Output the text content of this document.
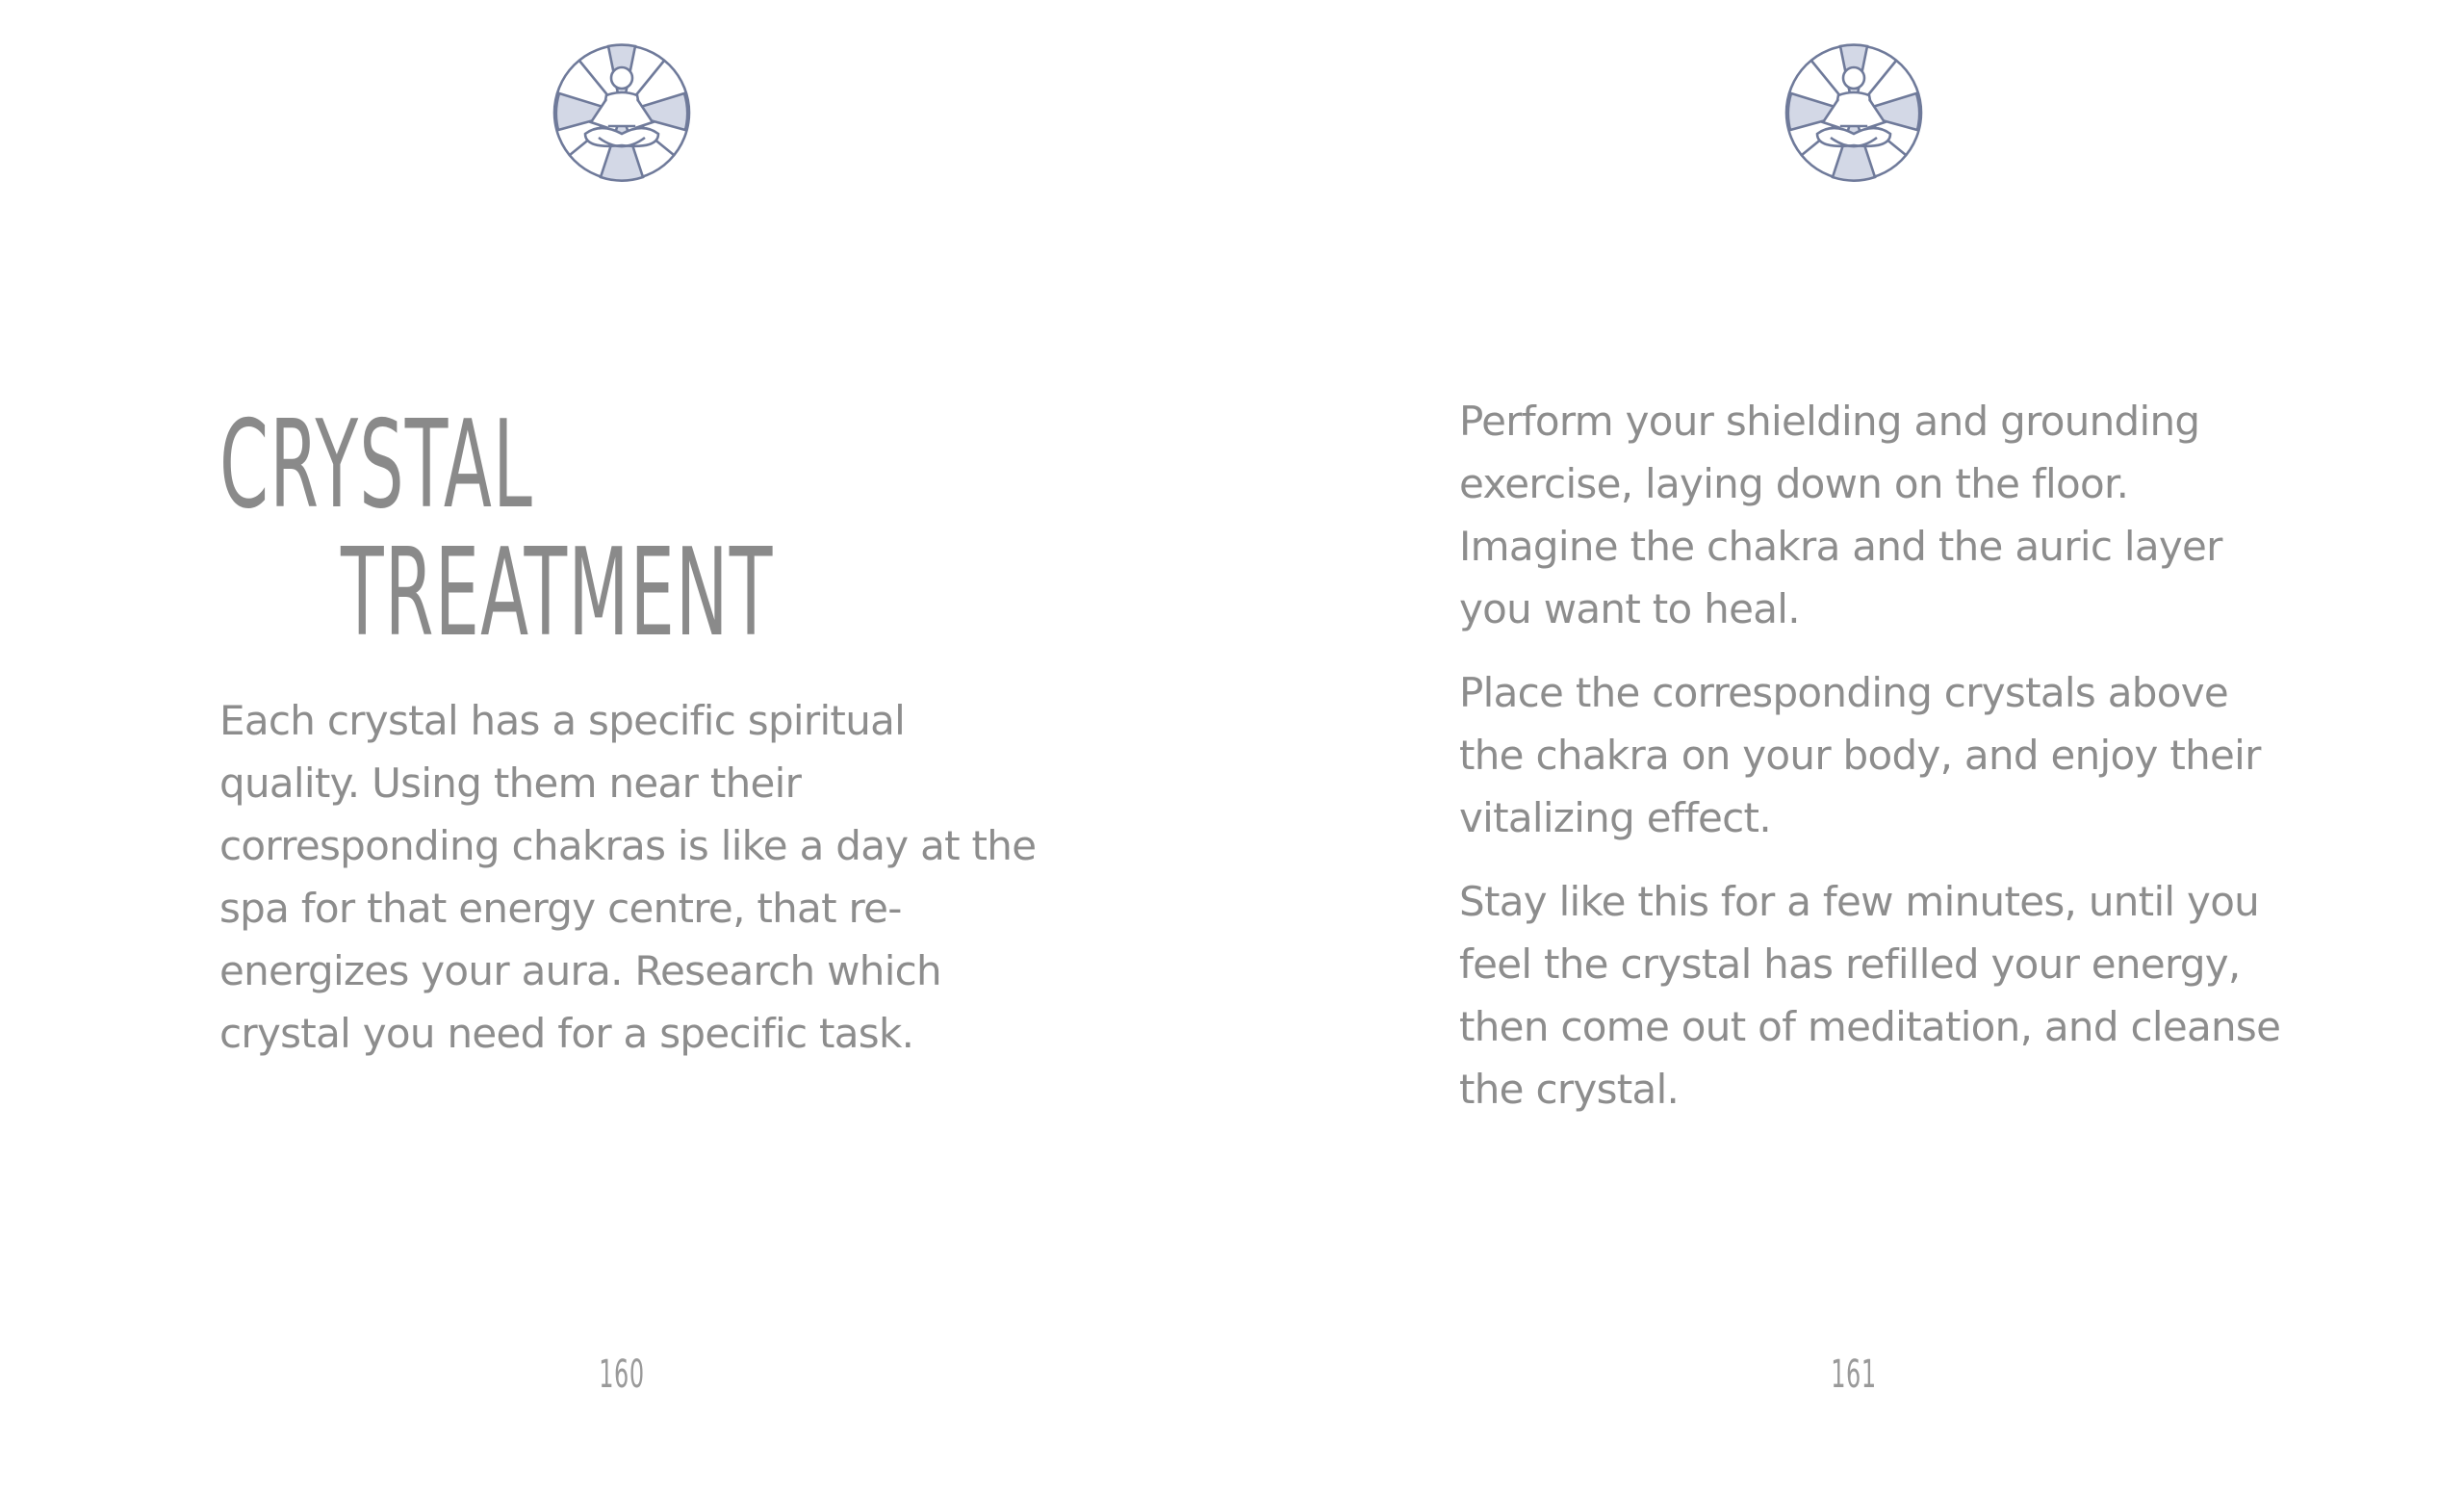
CRYSTAL
TREATMENT

Each crystal has a specific spiritual quality. Using them near their corresponding chakras is like a day at the spa for that energy centre, that re-energizes your aura. Research which crystal you need for a specific task.

160

Perform your shielding and grounding exercise, laying down on the floor. Imagine the chakra and the auric layer you want to heal.

Place the corresponding crystals above the chakra on your body, and enjoy their vitalizing effect.

Stay like this for a few minutes, until you feel the crystal has refilled your energy, then come out of meditation, and cleanse the crystal.

161
